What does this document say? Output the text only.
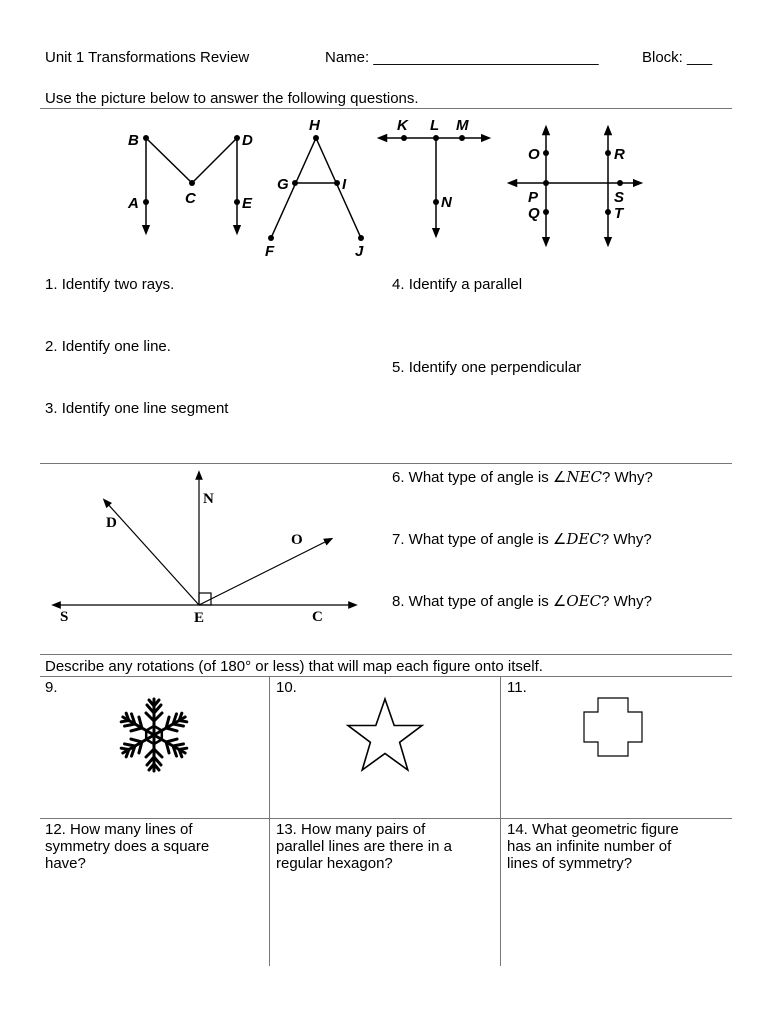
Unit 1 Transformations Review	Name: ___________________________	Block: ___
Use the picture below to answer the following questions.
B	D
A	C	E
H
G	I
F	J
K L M
N
O	R
P	S
Q	T
1. Identify two rays.
2. Identify one line.
3. Identify one line segment
4. Identify a parallel
5. Identify one perpendicular
N
D
O
S	E	C
6. What type of angle is ∠NEC? Why?
7. What type of angle is ∠DEC? Why?
8. What type of angle is ∠OEC? Why?
Describe any rotations (of 180° or less) that will map each figure onto itself.
9.	10.	11.
12. How many lines of
symmetry does a square
have?
13. How many pairs of
parallel lines are there in a
regular hexagon?
14. What geometric figure
has an infinite number of
lines of symmetry?
